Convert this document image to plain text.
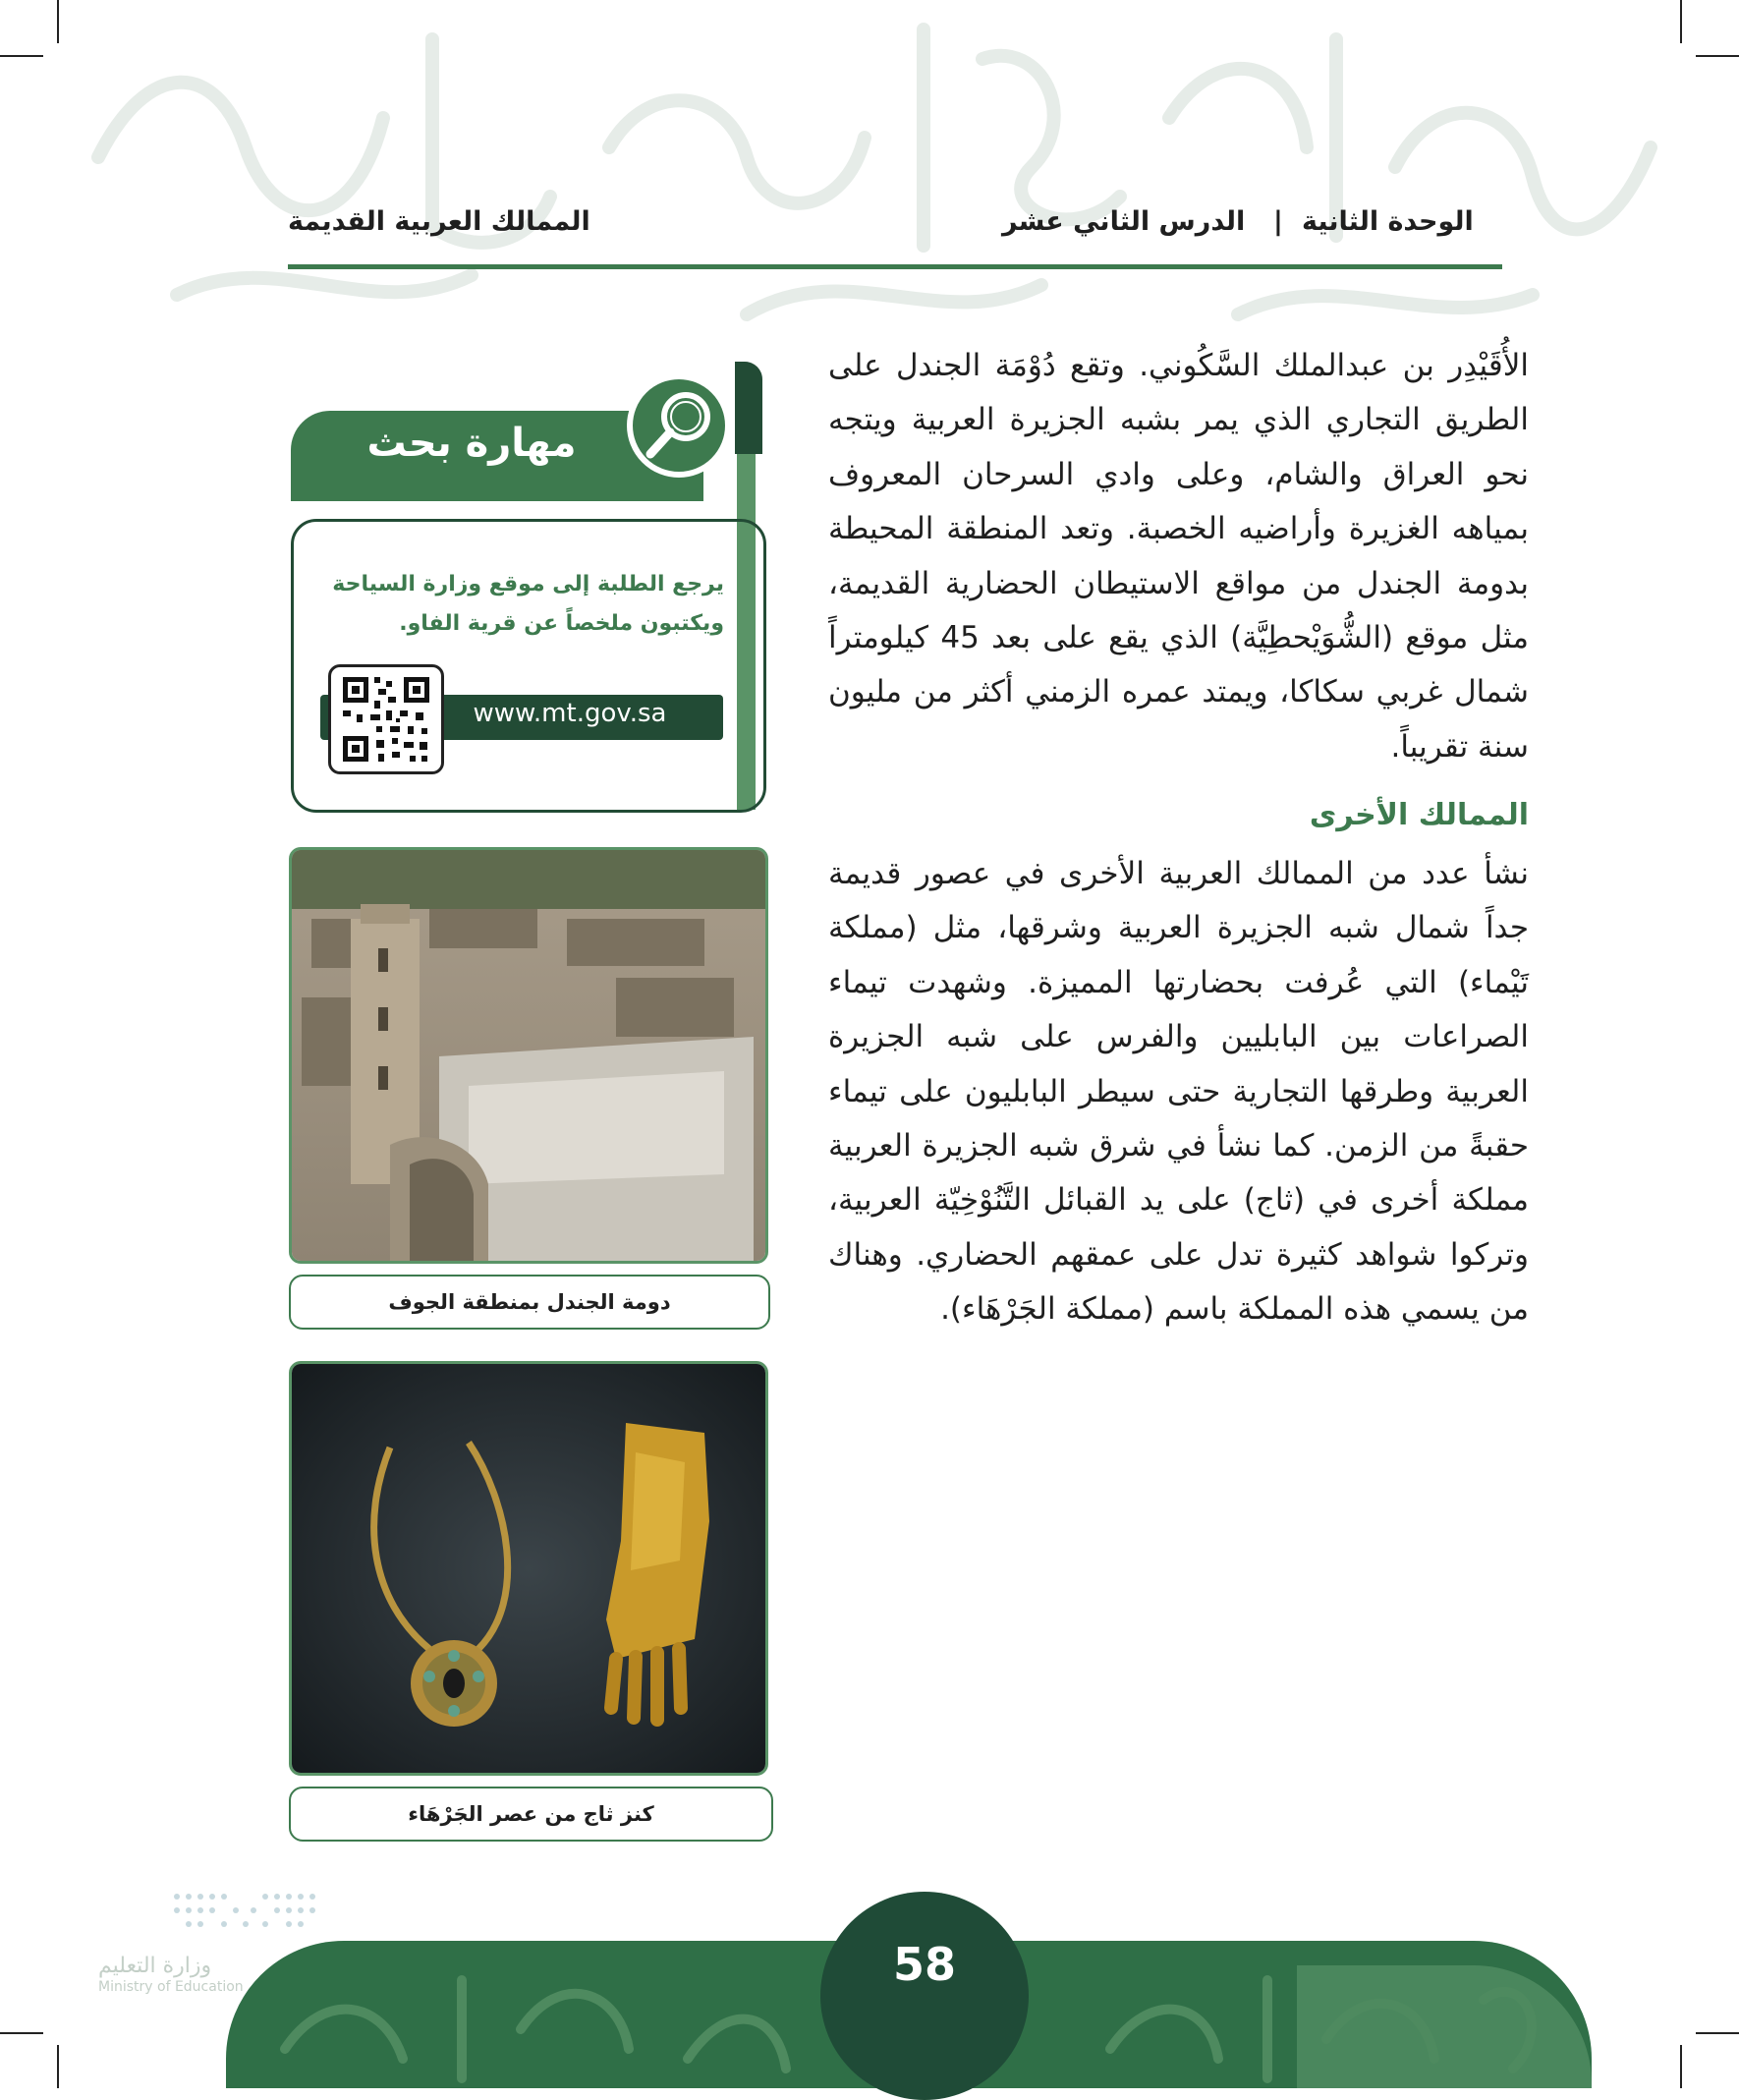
الوحدة الثانية
|
الدرس الثاني عشر
الممالك العربية القديمة

الأُقَيْدِر بن عبدالملك السَّكُوني. وتقع دُوْمَة الجندل على الطريق التجاري الذي يمر بشبه الجزيرة العربية ويتجه نحو العراق والشام، وعلى وادي السرحان المعروف بمياهه الغزيرة وأراضيه الخصبة. وتعد المنطقة المحيطة بدومة الجندل من مواقع الاستيطان الحضارية القديمة، مثل موقع (الشُّوَيْحطِيَّة) الذي يقع على بعد 45 كيلومتراً شمال غربي سكاكا، ويمتد عمره الزمني أكثر من مليون سنة تقريباً.

الممالك الأخرى

نشأ عدد من الممالك العربية الأخرى في عصور قديمة جداً شمال شبه الجزيرة العربية وشرقها، مثل (مملكة تَيْماء) التي عُرفت بحضارتها المميزة. وشهدت تيماء الصراعات بين البابليين والفرس على شبه الجزيرة العربية وطرقها التجارية حتى سيطر البابليون على تيماء حقبةً من الزمن. كما نشأ في شرق شبه الجزيرة العربية مملكة أخرى في (ثاج) على يد القبائل التَّنُوْخِيّة العربية، وتركوا شواهد كثيرة تدل على عمقهم الحضاري. وهناك من يسمي هذه المملكة باسم (مملكة الجَرْهَاء).

مهارة بحث

يرجع الطلبة إلى موقع وزارة السياحة ويكتبون ملخصاً عن قرية الفاو.

www.mt.gov.sa
دومة الجندل بمنطقة الجوف
كنز ثاج من عصر الجَرْهَاء
58
وزارة التعليم
Ministry of Education
